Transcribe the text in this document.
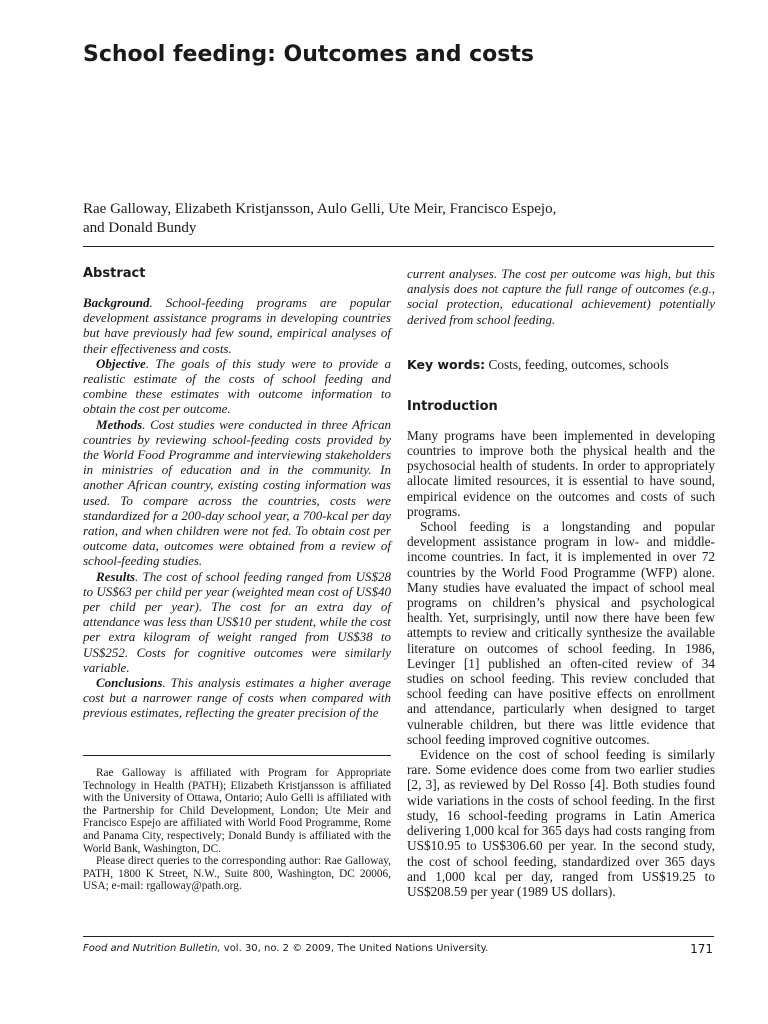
School feeding: Outcomes and costs
Rae Galloway, Elizabeth Kristjansson, Aulo Gelli, Ute Meir, Francisco Espejo,
and Donald Bundy
Abstract

Background. School-feeding programs are popular development assistance programs in developing countries but have previously had few sound, empirical analyses of their effectiveness and costs.

Objective. The goals of this study were to provide a realistic estimate of the costs of school feeding and combine these estimates with outcome information to obtain the cost per outcome.

Methods. Cost studies were conducted in three African countries by reviewing school-feeding costs provided by the World Food Programme and interviewing stakeholders in ministries of education and in the community. In another African country, existing costing information was used. To compare across the countries, costs were standardized for a 200-day school year, a 700-kcal per day ration, and when children were not fed. To obtain cost per outcome data, outcomes were obtained from a review of school-feeding studies.

Results. The cost of school feeding ranged from US$28 to US$63 per child per year (weighted mean cost of US$40 per child per year). The cost for an extra day of attendance was less than US$10 per student, while the cost per extra kilogram of weight ranged from US$38 to US$252. Costs for cognitive outcomes were similarly variable.

Conclusions. This analysis estimates a higher average cost but a narrower range of costs when compared with previous estimates, reflecting the greater precision of the

Rae Galloway is affiliated with Program for Appropriate Technology in Health (PATH); Elizabeth Kristjansson is affiliated with the University of Ottawa, Ontario; Aulo Gelli is affiliated with the Partnership for Child Development, London; Ute Meir and Francisco Espejo are affiliated with World Food Programme, Rome and Panama City, respectively; Donald Bundy is affiliated with the World Bank, Washington, DC.

Please direct queries to the corresponding author: Rae Galloway, PATH, 1800 K Street, N.W., Suite 800, Washington, DC 20006, USA; e-mail: rgalloway@path.org.

current analyses. The cost per outcome was high, but this analysis does not capture the full range of outcomes (e.g., social protection, educational achievement) potentially derived from school feeding.

Key words: Costs, feeding, outcomes, schools

Introduction

Many programs have been implemented in developing countries to improve both the physical health and the psychosocial health of students. In order to appropriately allocate limited resources, it is essential to have sound, empirical evidence on the outcomes and costs of such programs.

School feeding is a longstanding and popular development assistance program in low- and middle-income countries. In fact, it is implemented in over 72 countries by the World Food Programme (WFP) alone. Many studies have evaluated the impact of school meal programs on children’s physical and psychological health. Yet, surprisingly, until now there have been few attempts to review and critically synthesize the available literature on outcomes of school feeding. In 1986, Levinger [1] published an often-cited review of 34 studies on school feeding. This review concluded that school feeding can have positive effects on enrollment and attendance, particularly when designed to target vulnerable children, but there was little evidence that school feeding improved cognitive outcomes.

Evidence on the cost of school feeding is similarly rare. Some evidence does come from two earlier studies [2, 3], as reviewed by Del Rosso [4]. Both studies found wide variations in the costs of school feeding. In the first study, 16 school-feeding programs in Latin America delivering 1,000 kcal for 365 days had costs ranging from US$10.95 to US$306.60 per year. In the second study, the cost of school feeding, standardized over 365 days and 1,000 kcal per day, ranged from US$19.25 to US$208.59 per year (1989 US dollars).

Food and Nutrition Bulletin, vol. 30, no. 2 © 2009, The United Nations University.	171
